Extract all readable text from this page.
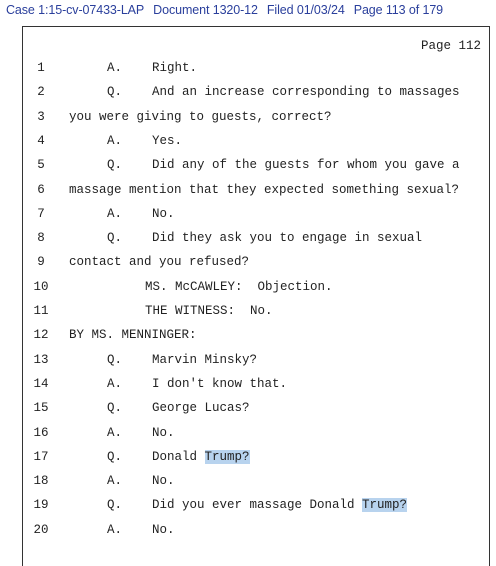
Case 1:15-cv-07433-LAP Document 1320-12 Filed 01/03/24 Page 113 of 179
Page 112
1	A.    Right.
2	Q.    And an increase corresponding to massages
3	you were giving to guests, correct?
4	A.    Yes.
5	Q.    Did any of the guests for whom you gave a
6	massage mention that they expected something sexual?
7	A.    No.
8	Q.    Did they ask you to engage in sexual
9	contact and you refused?
10	MS. McCAWLEY:  Objection.
11	THE WITNESS:  No.
12	BY MS. MENNINGER:
13	Q.    Marvin Minsky?
14	A.    I don't know that.
15	Q.    George Lucas?
16	A.    No.
17	Q.    Donald Trump?
18	A.    No.
19	Q.    Did you ever massage Donald Trump?
20	A.    No.
